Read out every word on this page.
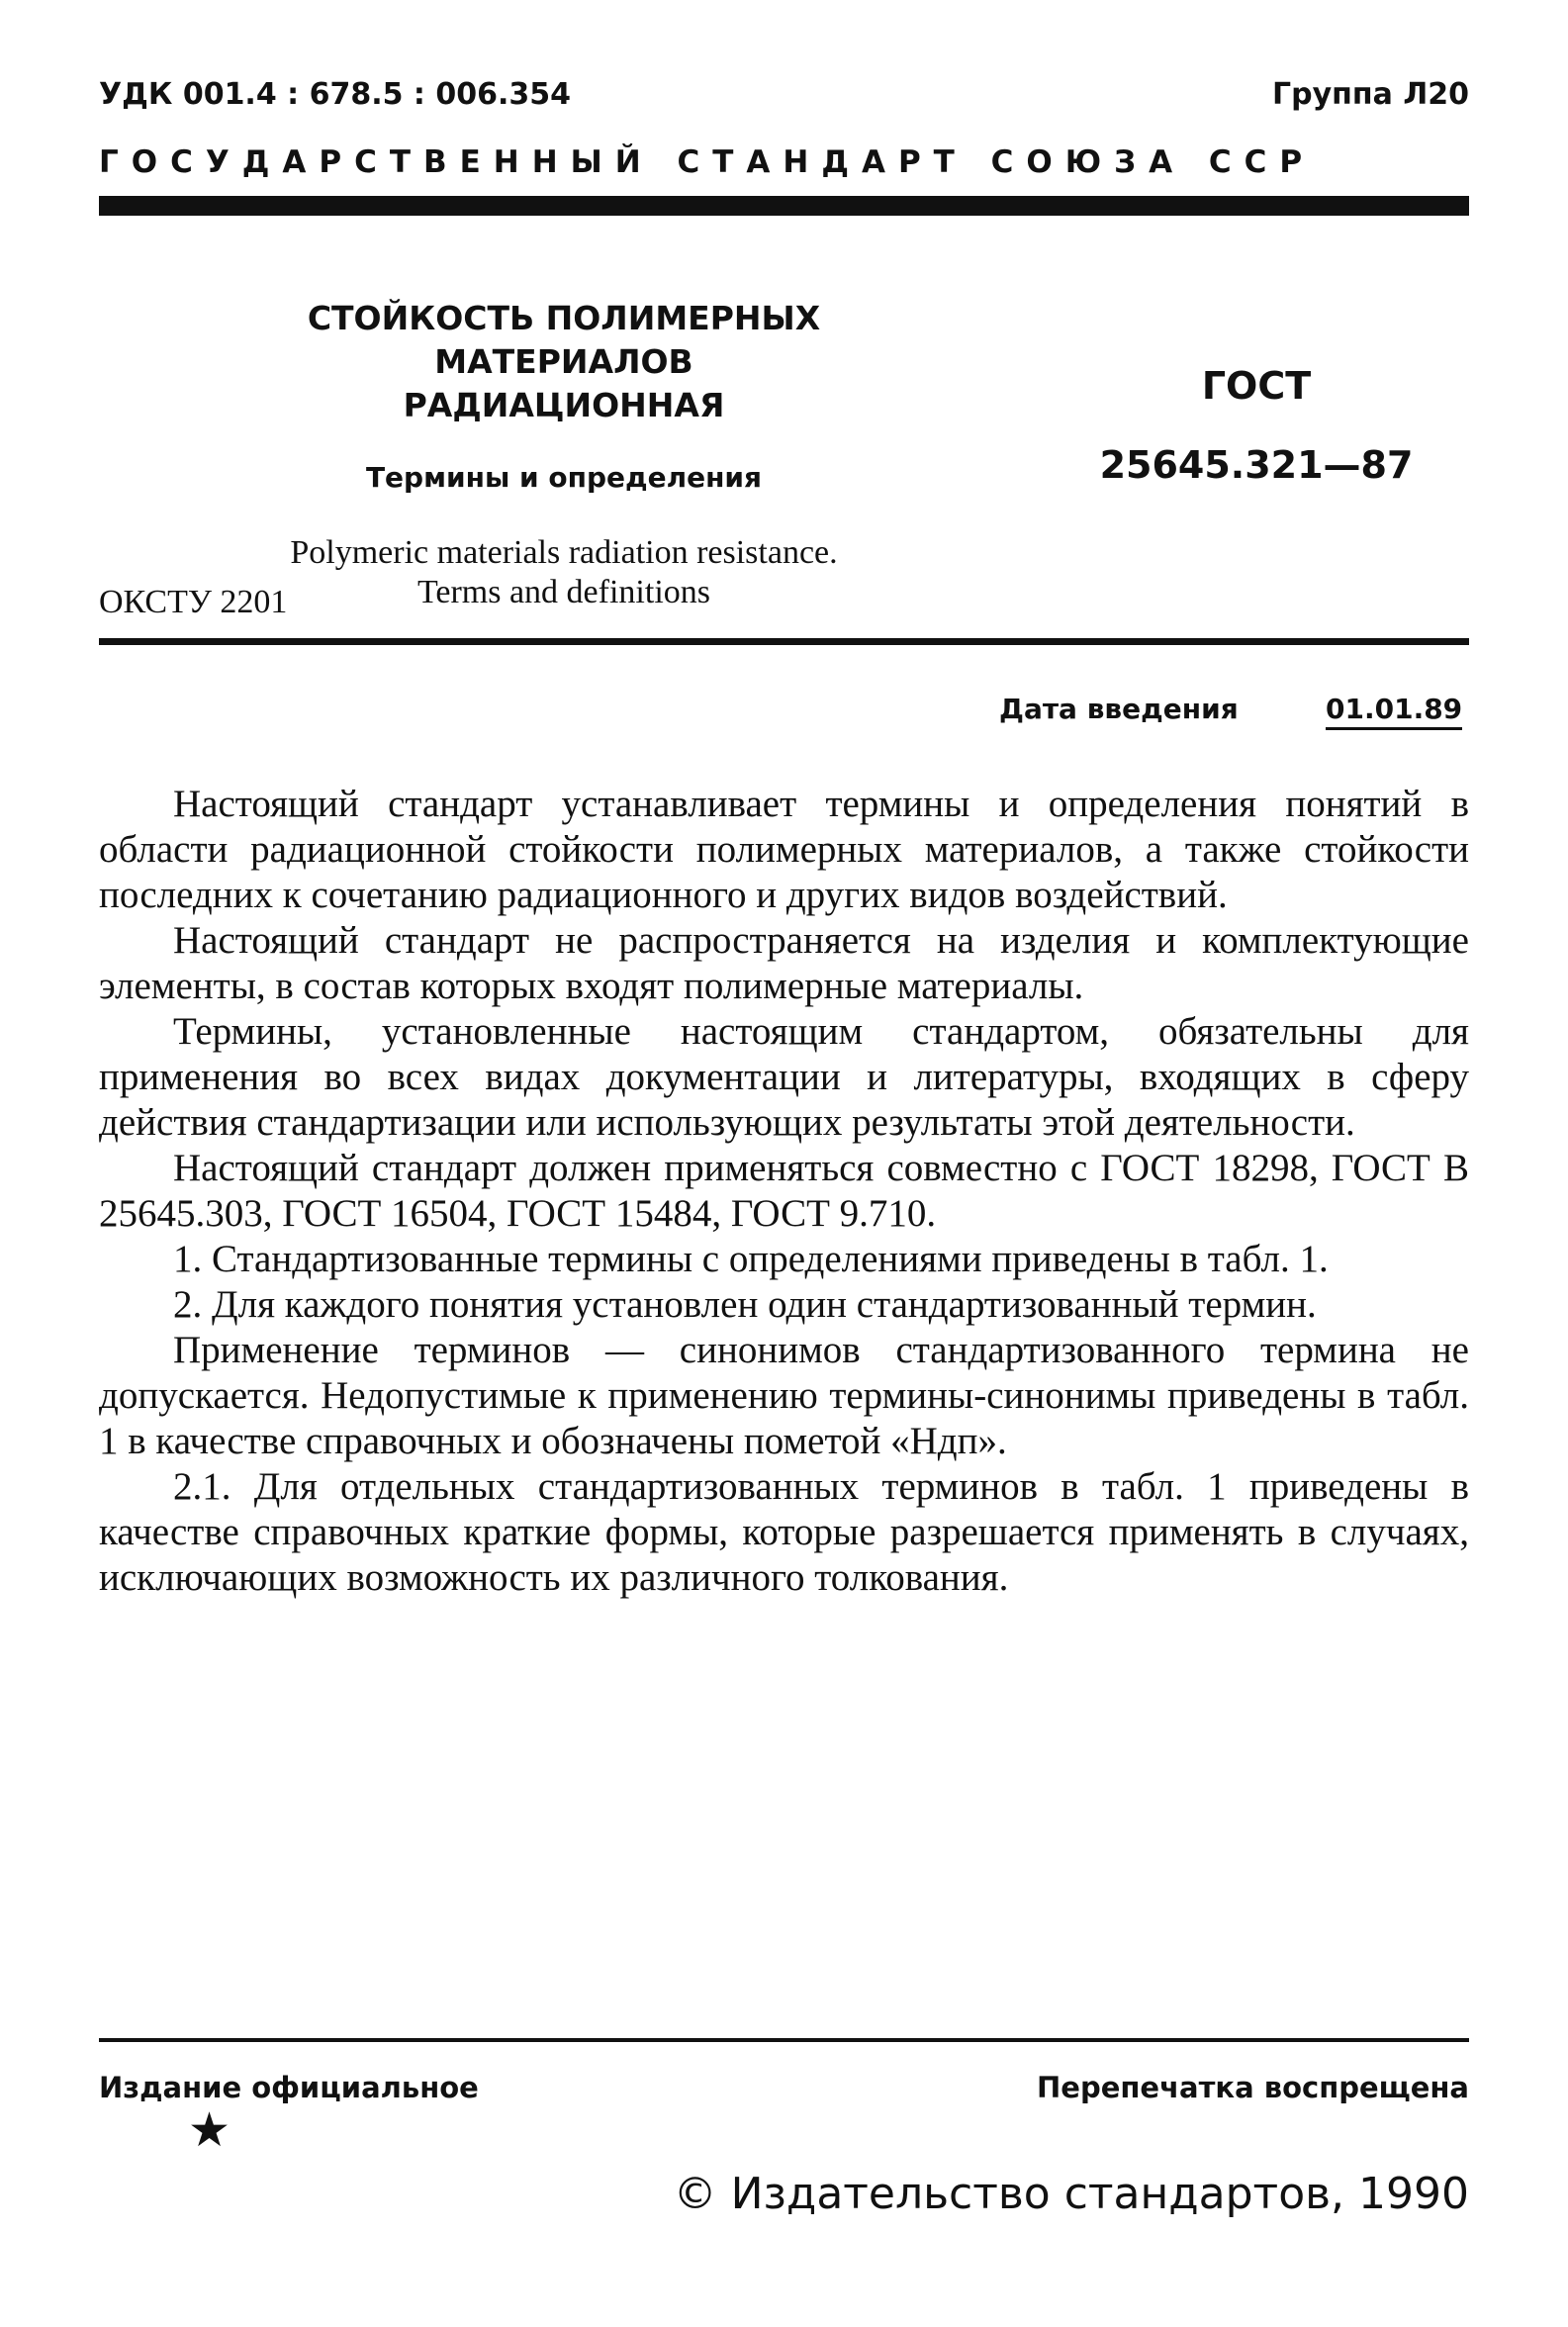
УДК 001.4 : 678.5 : 006.354	Группа Л20
ГОСУДАРСТВЕННЫЙ СТАНДАРТ СОЮЗА ССР
СТОЙКОСТЬ ПОЛИМЕРНЫХ МАТЕРИАЛОВ
РАДИАЦИОННАЯ
Термины и определения
Polymeric materials radiation resistance.
Terms and definitions
ГОСТ
25645.321—87
ОКСТУ 2201
Дата введения	01.01.89

Настоящий стандарт устанавливает термины и определения понятий в области радиационной стойкости полимерных материалов, а также стойкости последних к сочетанию радиационного и других видов воздействий.

Настоящий стандарт не распространяется на изделия и комплектующие элементы, в состав которых входят полимерные материалы.

Термины, установленные настоящим стандартом, обязательны для применения во всех видах документации и литературы, входящих в сферу действия стандартизации или использующих результаты этой деятельности.

Настоящий стандарт должен применяться совместно с ГОСТ 18298, ГОСТ В 25645.303, ГОСТ 16504, ГОСТ 15484, ГОСТ 9.710.

1. Стандартизованные термины с определениями приведены в табл. 1.

2. Для каждого понятия установлен один стандартизованный термин.

Применение терминов — синонимов стандартизованного термина не допускается. Недопустимые к применению термины-синонимы приведены в табл. 1 в качестве справочных и обозначены пометой «Ндп».

2.1. Для отдельных стандартизованных терминов в табл. 1 приведены в качестве справочных краткие формы, которые разрешается применять в случаях, исключающих возможность их различного толкования.

Издание официальное
★
Перепечатка воспрещена
© Издательство стандартов, 1990
